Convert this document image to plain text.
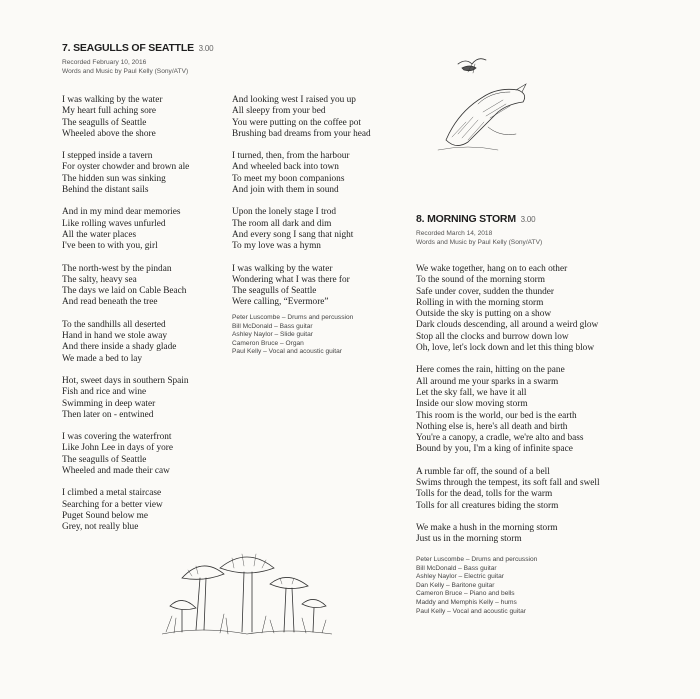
7. SEAGULLS OF SEATTLE 3.00
Recorded February 10, 2016
Words and Music by Paul Kelly (Sony/ATV)
I was walking by the water
My heart full aching sore
The seagulls of Seattle
Wheeled above the shore
I stepped inside a tavern
For oyster chowder and brown ale
The hidden sun was sinking
Behind the distant sails
And in my mind dear memories
Like rolling waves unfurled
All the water places
I've been to with you, girl
The north-west by the pindan
The salty, heavy sea
The days we laid on Cable Beach
And read beneath the tree
To the sandhills all deserted
Hand in hand we stole away
And there inside a shady glade
We made a bed to lay
Hot, sweet days in southern Spain
Fish and rice and wine
Swimming in deep water
Then later on - entwined
I was covering the waterfront
Like John Lee in days of yore
The seagulls of Seattle
Wheeled and made their caw
I climbed a metal staircase
Searching for a better view
Puget Sound below me
Grey, not really blue
And looking west I raised you up
All sleepy from your bed
You were putting on the coffee pot
Brushing bad dreams from your head
I turned, then, from the harbour
And wheeled back into town
To meet my boon companions
And join with them in sound
Upon the lonely stage I trod
The room all dark and dim
And every song I sang that night
To my love was a hymn
I was walking by the water
Wondering what I was there for
The seagulls of Seattle
Were calling, “Evermore”
Peter Luscombe – Drums and percussion
Bill McDonald – Bass guitar
Ashley Naylor – Slide guitar
Cameron Bruce – Organ
Paul Kelly – Vocal and acoustic guitar
8. MORNING STORM 3.00
Recorded March 14, 2018
Words and Music by Paul Kelly (Sony/ATV)
We wake together, hang on to each other
To the sound of the morning storm
Safe under cover, sudden the thunder
Rolling in with the morning storm
Outside the sky is putting on a show
Dark clouds descending, all around a weird glow
Stop all the clocks and burrow down low
Oh, love, let's lock down and let this thing blow
Here comes the rain, hitting on the pane
All around me your sparks in a swarm
Let the sky fall, we have it all
Inside our slow moving storm
This room is the world, our bed is the earth
Nothing else is, here's all death and birth
You're a canopy, a cradle, we're alto and bass
Bound by you, I'm a king of infinite space
A rumble far off, the sound of a bell
Swims through the tempest, its soft fall and swell
Tolls for the dead, tolls for the warm
Tolls for all creatures biding the storm
We make a hush in the morning storm
Just us in the morning storm
Peter Luscombe – Drums and percussion
Bill McDonald – Bass guitar
Ashley Naylor – Electric guitar
Dan Kelly – Baritone guitar
Cameron Bruce – Piano and bells
Maddy and Memphis Kelly – hums
Paul Kelly – Vocal and acoustic guitar
